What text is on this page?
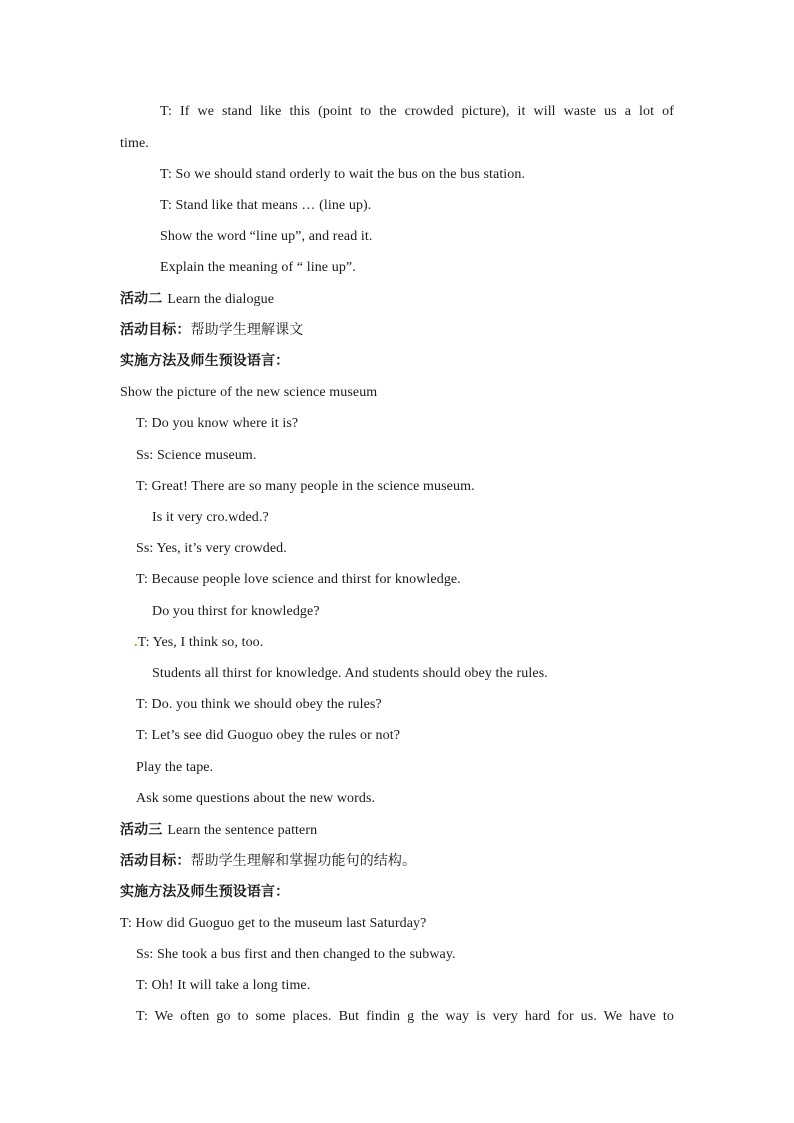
T: If we stand like this (point to the crowded picture), it will waste us a lot of
time.
T: So we should stand orderly to wait the bus on the bus station.
T: Stand like that means … (line up).
Show the word “line up”, and read it.
Explain the meaning of “ line up”.
活动二 Learn the dialogue
活动目标：帮助学生理解课文
实施方法及师生预设语言：
Show the picture of the new science museum
T: Do you know where it is?
Ss: Science museum.
T: Great! There are so many people in the science museum.
Is it very cro.wded.?
Ss: Yes, it’s very crowded.
T: Because people love science and thirst for knowledge.
Do you thirst for knowledge?
.T: Yes, I think so, too.
Students all thirst for knowledge. And students should obey the rules.
T: Do. you think we should obey the rules?
T: Let’s see did Guoguo obey the rules or not?
Play the tape.
Ask some questions about the new words.
活动三 Learn the sentence pattern
活动目标：帮助学生理解和掌握功能句的结构。
实施方法及师生预设语言：
T: How did Guoguo get to the museum last Saturday?
Ss: She took a bus first and then changed to the subway.
T: Oh! It will take a long time.
T: We often go to some places. But findin g the way is very hard for us. We have to
